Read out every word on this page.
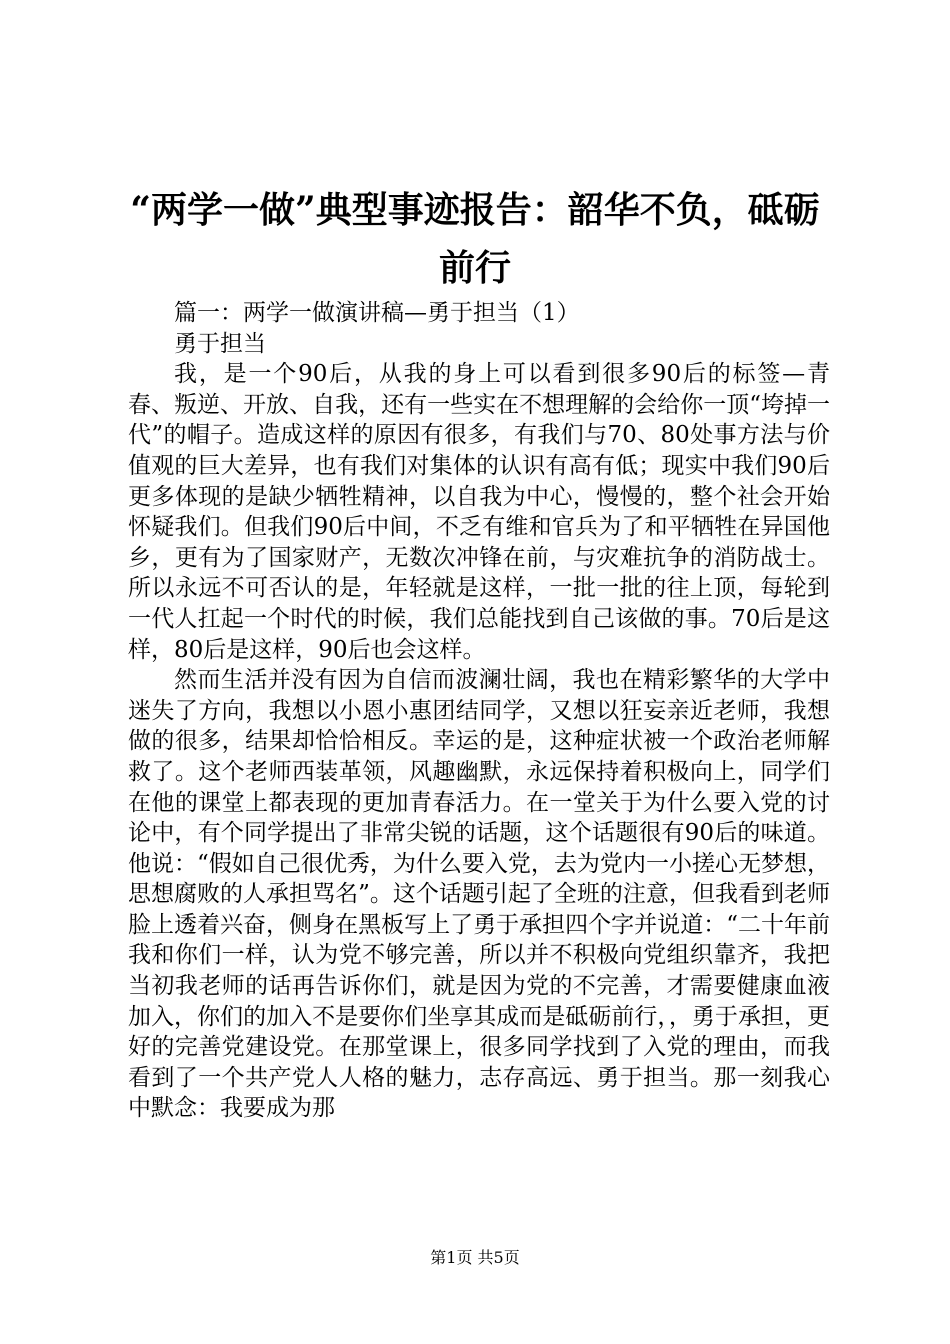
“两学一做”典型事迹报告：韶华不负，砥砺
前行

篇一：两学一做演讲稿—勇于担当（1）

勇于担当

我，是一个90后，从我的身上可以看到很多90后的标签—青春、叛逆、开放、自我，还有一些实在不想理解的会给你一顶“垮掉一代”的帽子。造成这样的原因有很多，有我们与70、80处事方法与价值观的巨大差异，也有我们对集体的认识有高有低；现实中我们90后更多体现的是缺少牺牲精神，以自我为中心，慢慢的，整个社会开始怀疑我们。但我们90后中间，不乏有维和官兵为了和平牺牲在异国他乡，更有为了国家财产，无数次冲锋在前，与灾难抗争的消防战士。所以永远不可否认的是，年轻就是这样，一批一批的往上顶，每轮到一代人扛起一个时代的时候，我们总能找到自己该做的事。70后是这样，80后是这样，90后也会这样。

然而生活并没有因为自信而波澜壮阔，我也在精彩繁华的大学中迷失了方向，我想以小恩小惠团结同学，又想以狂妄亲近老师，我想做的很多，结果却恰恰相反。幸运的是，这种症状被一个政治老师解救了。这个老师西装革领，风趣幽默，永远保持着积极向上，同学们在他的课堂上都表现的更加青春活力。在一堂关于为什么要入党的讨论中，有个同学提出了非常尖锐的话题，这个话题很有90后的味道。他说：“假如自己很优秀，为什么要入党，去为党内一小搓心无梦想，思想腐败的人承担骂名”。这个话题引起了全班的注意，但我看到老师脸上透着兴奋，侧身在黑板写上了勇于承担四个字并说道：“二十年前我和你们一样，认为党不够完善，所以并不积极向党组织靠齐，我把当初我老师的话再告诉你们，就是因为党的不完善，才需要健康血液加入，你们的加入不是要你们坐享其成而是砥砺前行，，勇于承担，更好的完善党建设党。在那堂课上，很多同学找到了入党的理由，而我看到了一个共产党人人格的魅力，志存高远、勇于担当。那一刻我心中默念：我要成为那

第1页 共5页
